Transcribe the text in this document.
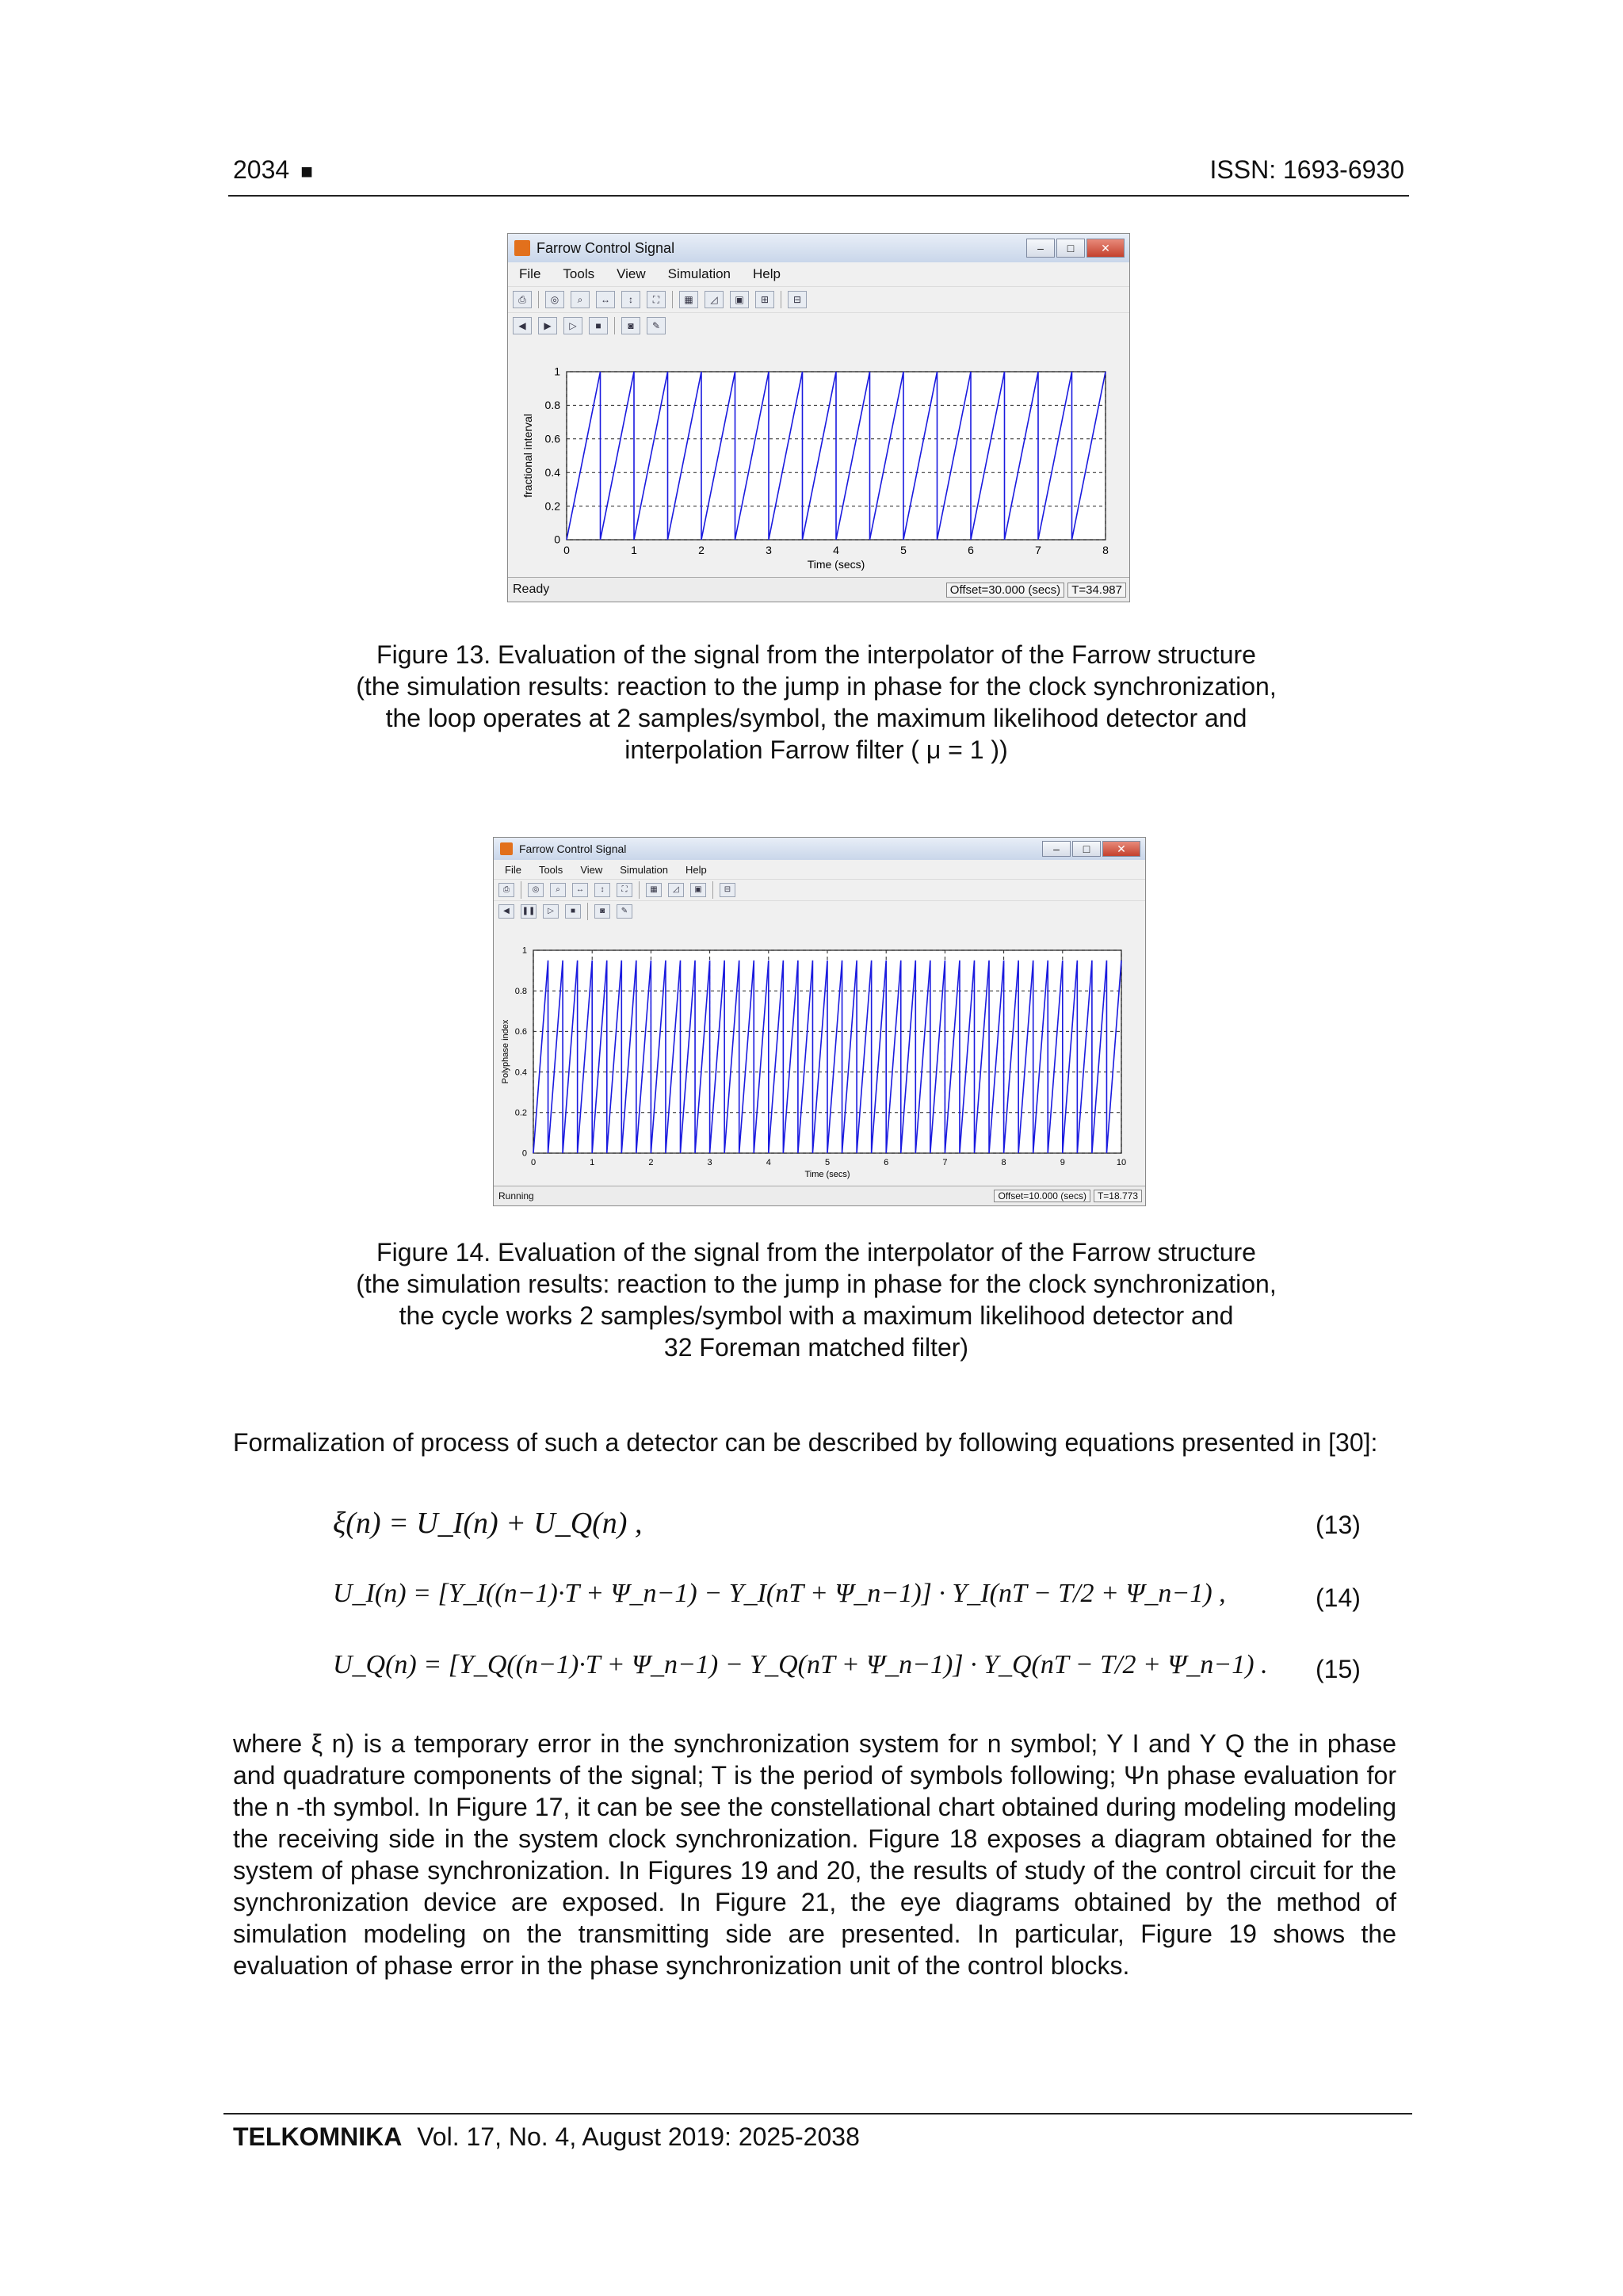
2034 ■	ISSN: 1693-6930
Farrow Control Signal	–	□	✕
File Tools View Simulation Help
⎙	◎	⌕	↔	↕	⛶	▦	◿	▣	⊞	⊟
◀	▶	▷	■	◙	✎
0	1	2	3	4	5	6	7	8
0
0.2
0.4
0.6
0.8
1
Time (secs)
fractional interval
Ready	Offset=30.000 (secs) T=34.987
Figure 13. Evaluation of the signal from the interpolator of the Farrow structure
(the simulation results: reaction to the jump in phase for the clock synchronization,
the loop operates at 2 samples/symbol, the maximum likelihood detector and
interpolation Farrow filter ( μ = 1 ))
Farrow Control Signal	–	□	✕
File Tools View Simulation Help
⎙	◎	⌕	↔	↕	⛶	▦	◿	▣	⊟
◀	❚❚	▷	■	◙	✎
0	1	2	3	4	5	6	7	8	9	10
0
0.2
0.4
0.6
0.8
1
Time (secs)
Polyphase index
Running	Offset=10.000 (secs)	T=18.773
Figure 14. Evaluation of the signal from the interpolator of the Farrow structure
(the simulation results: reaction to the jump in phase for the clock synchronization,
the cycle works 2 samples/symbol with a maximum likelihood detector and
32 Foreman matched filter)
Formalization of process of such a detector can be described by following equations presented in [30]:
ξ(n) = U_I(n) + U_Q(n) ,	(13)
U_I(n) = [Y_I((n−1)·T + Ψ_n−1) − Y_I(nT + Ψ_n−1)] · Y_I(nT − T/2 + Ψ_n−1) ,	(14)
U_Q(n) = [Y_Q((n−1)·T + Ψ_n−1) − Y_Q(nT + Ψ_n−1)] · Y_Q(nT − T/2 + Ψ_n−1) . (15)
where ξ n) is a temporary error in the synchronization system for n symbol; Y I and Y Q the in phase and quadrature components of the signal; T is the period of symbols following; Ψn phase evaluation for the n -th symbol. In Figure 17, it can be see the constellational chart obtained during modeling modeling the receiving side in the system clock synchronization. Figure 18 exposes a diagram obtained for the system of phase synchronization. In Figures 19 and 20, the results of study of the control circuit for the synchronization device are exposed. In Figure 21, the eye diagrams obtained by the method of simulation modeling on the transmitting side are presented. In particular, Figure 19 shows the evaluation of phase error in the phase synchronization unit of the control blocks.
TELKOMNIKA Vol. 17, No. 4, August 2019: 2025-2038
